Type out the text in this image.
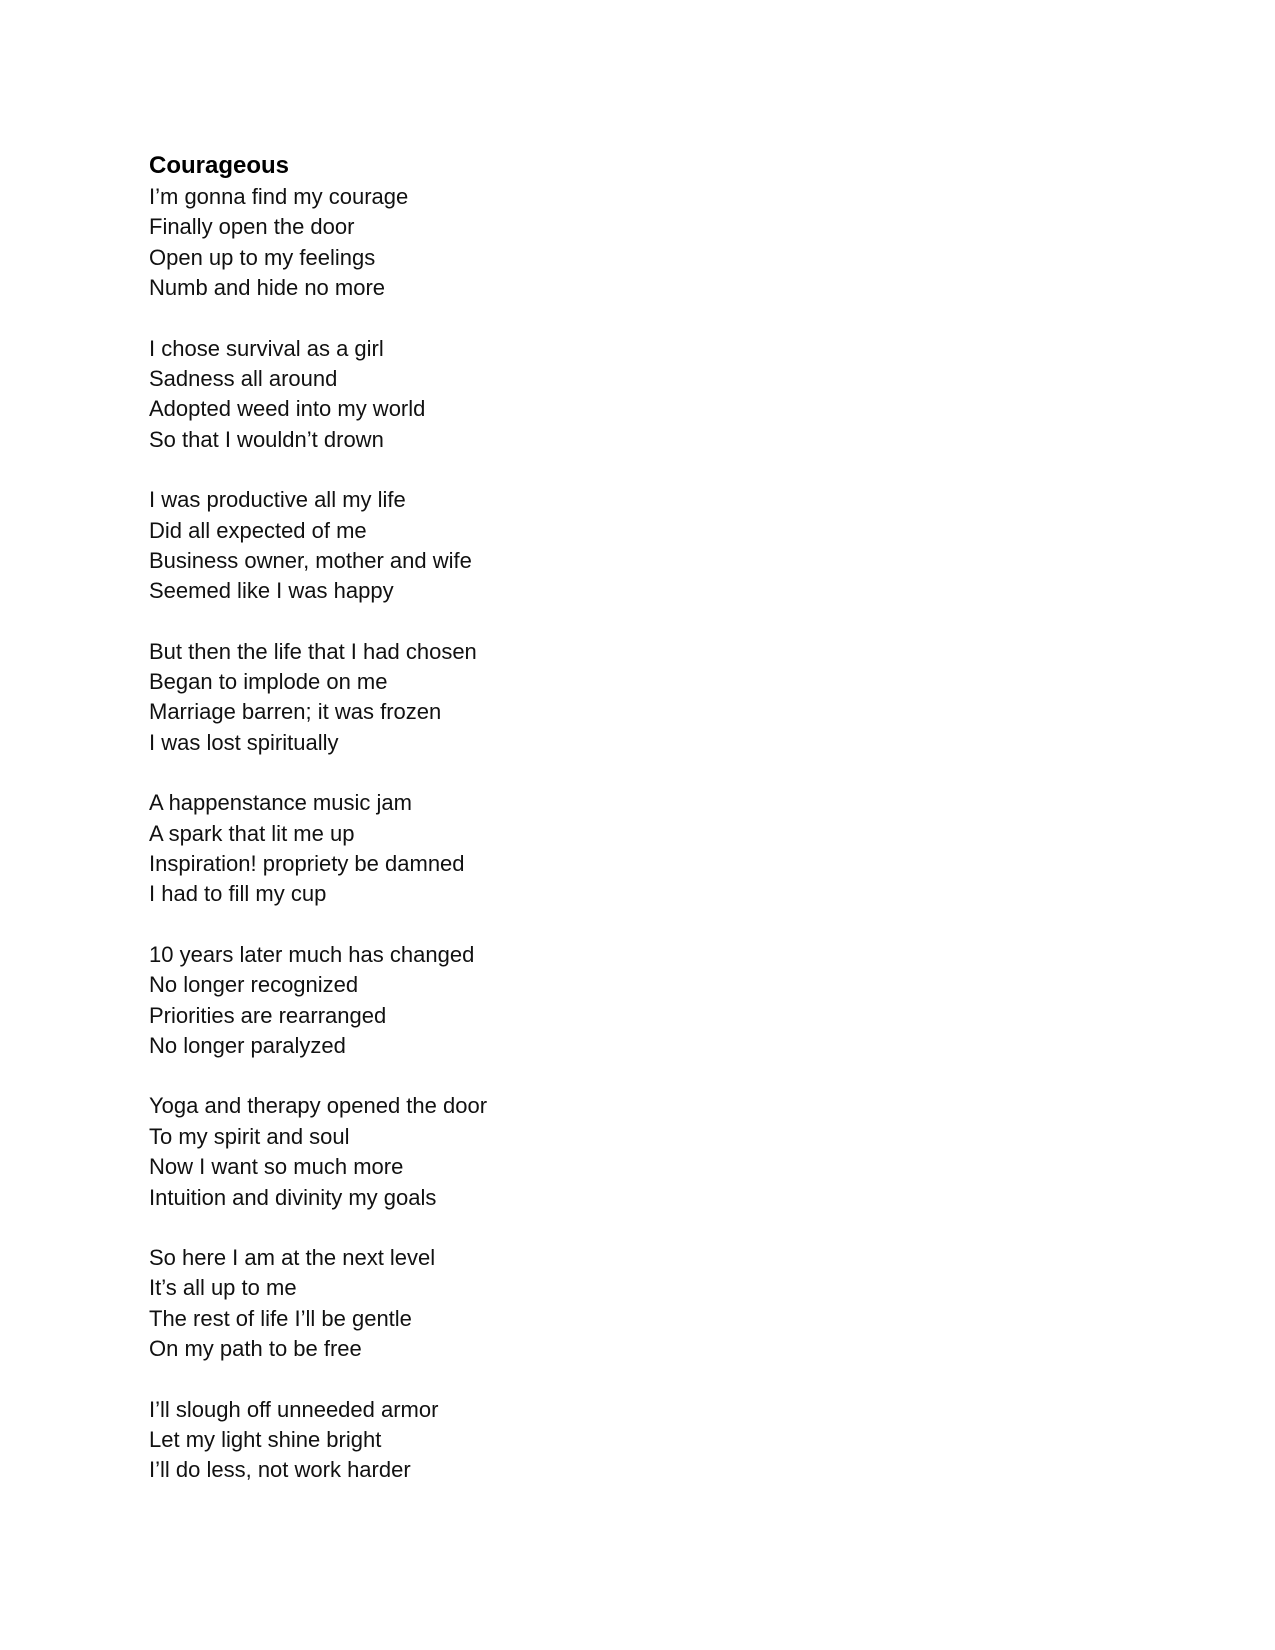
Courageous
I’m gonna find my courage
Finally open the door
Open up to my feelings
Numb and hide no more
I chose survival as a girl
Sadness all around
Adopted weed into my world
So that I wouldn’t drown
I was productive all my life
Did all expected of me
Business owner, mother and wife
Seemed like I was happy
But then the life that I had chosen
Began to implode on me
Marriage barren; it was frozen
I was lost spiritually
A happenstance music jam
A spark that lit me up
Inspiration! propriety be damned
I had to fill my cup
10 years later much has changed
No longer recognized
Priorities are rearranged
No longer paralyzed
Yoga and therapy opened the door
To my spirit and soul
Now I want so much more
Intuition and divinity my goals
So here I am at the next level
It’s all up to me
The rest of life I’ll be gentle
On my path to be free
I’ll slough off unneeded armor
Let my light shine bright
I’ll do less, not work harder
